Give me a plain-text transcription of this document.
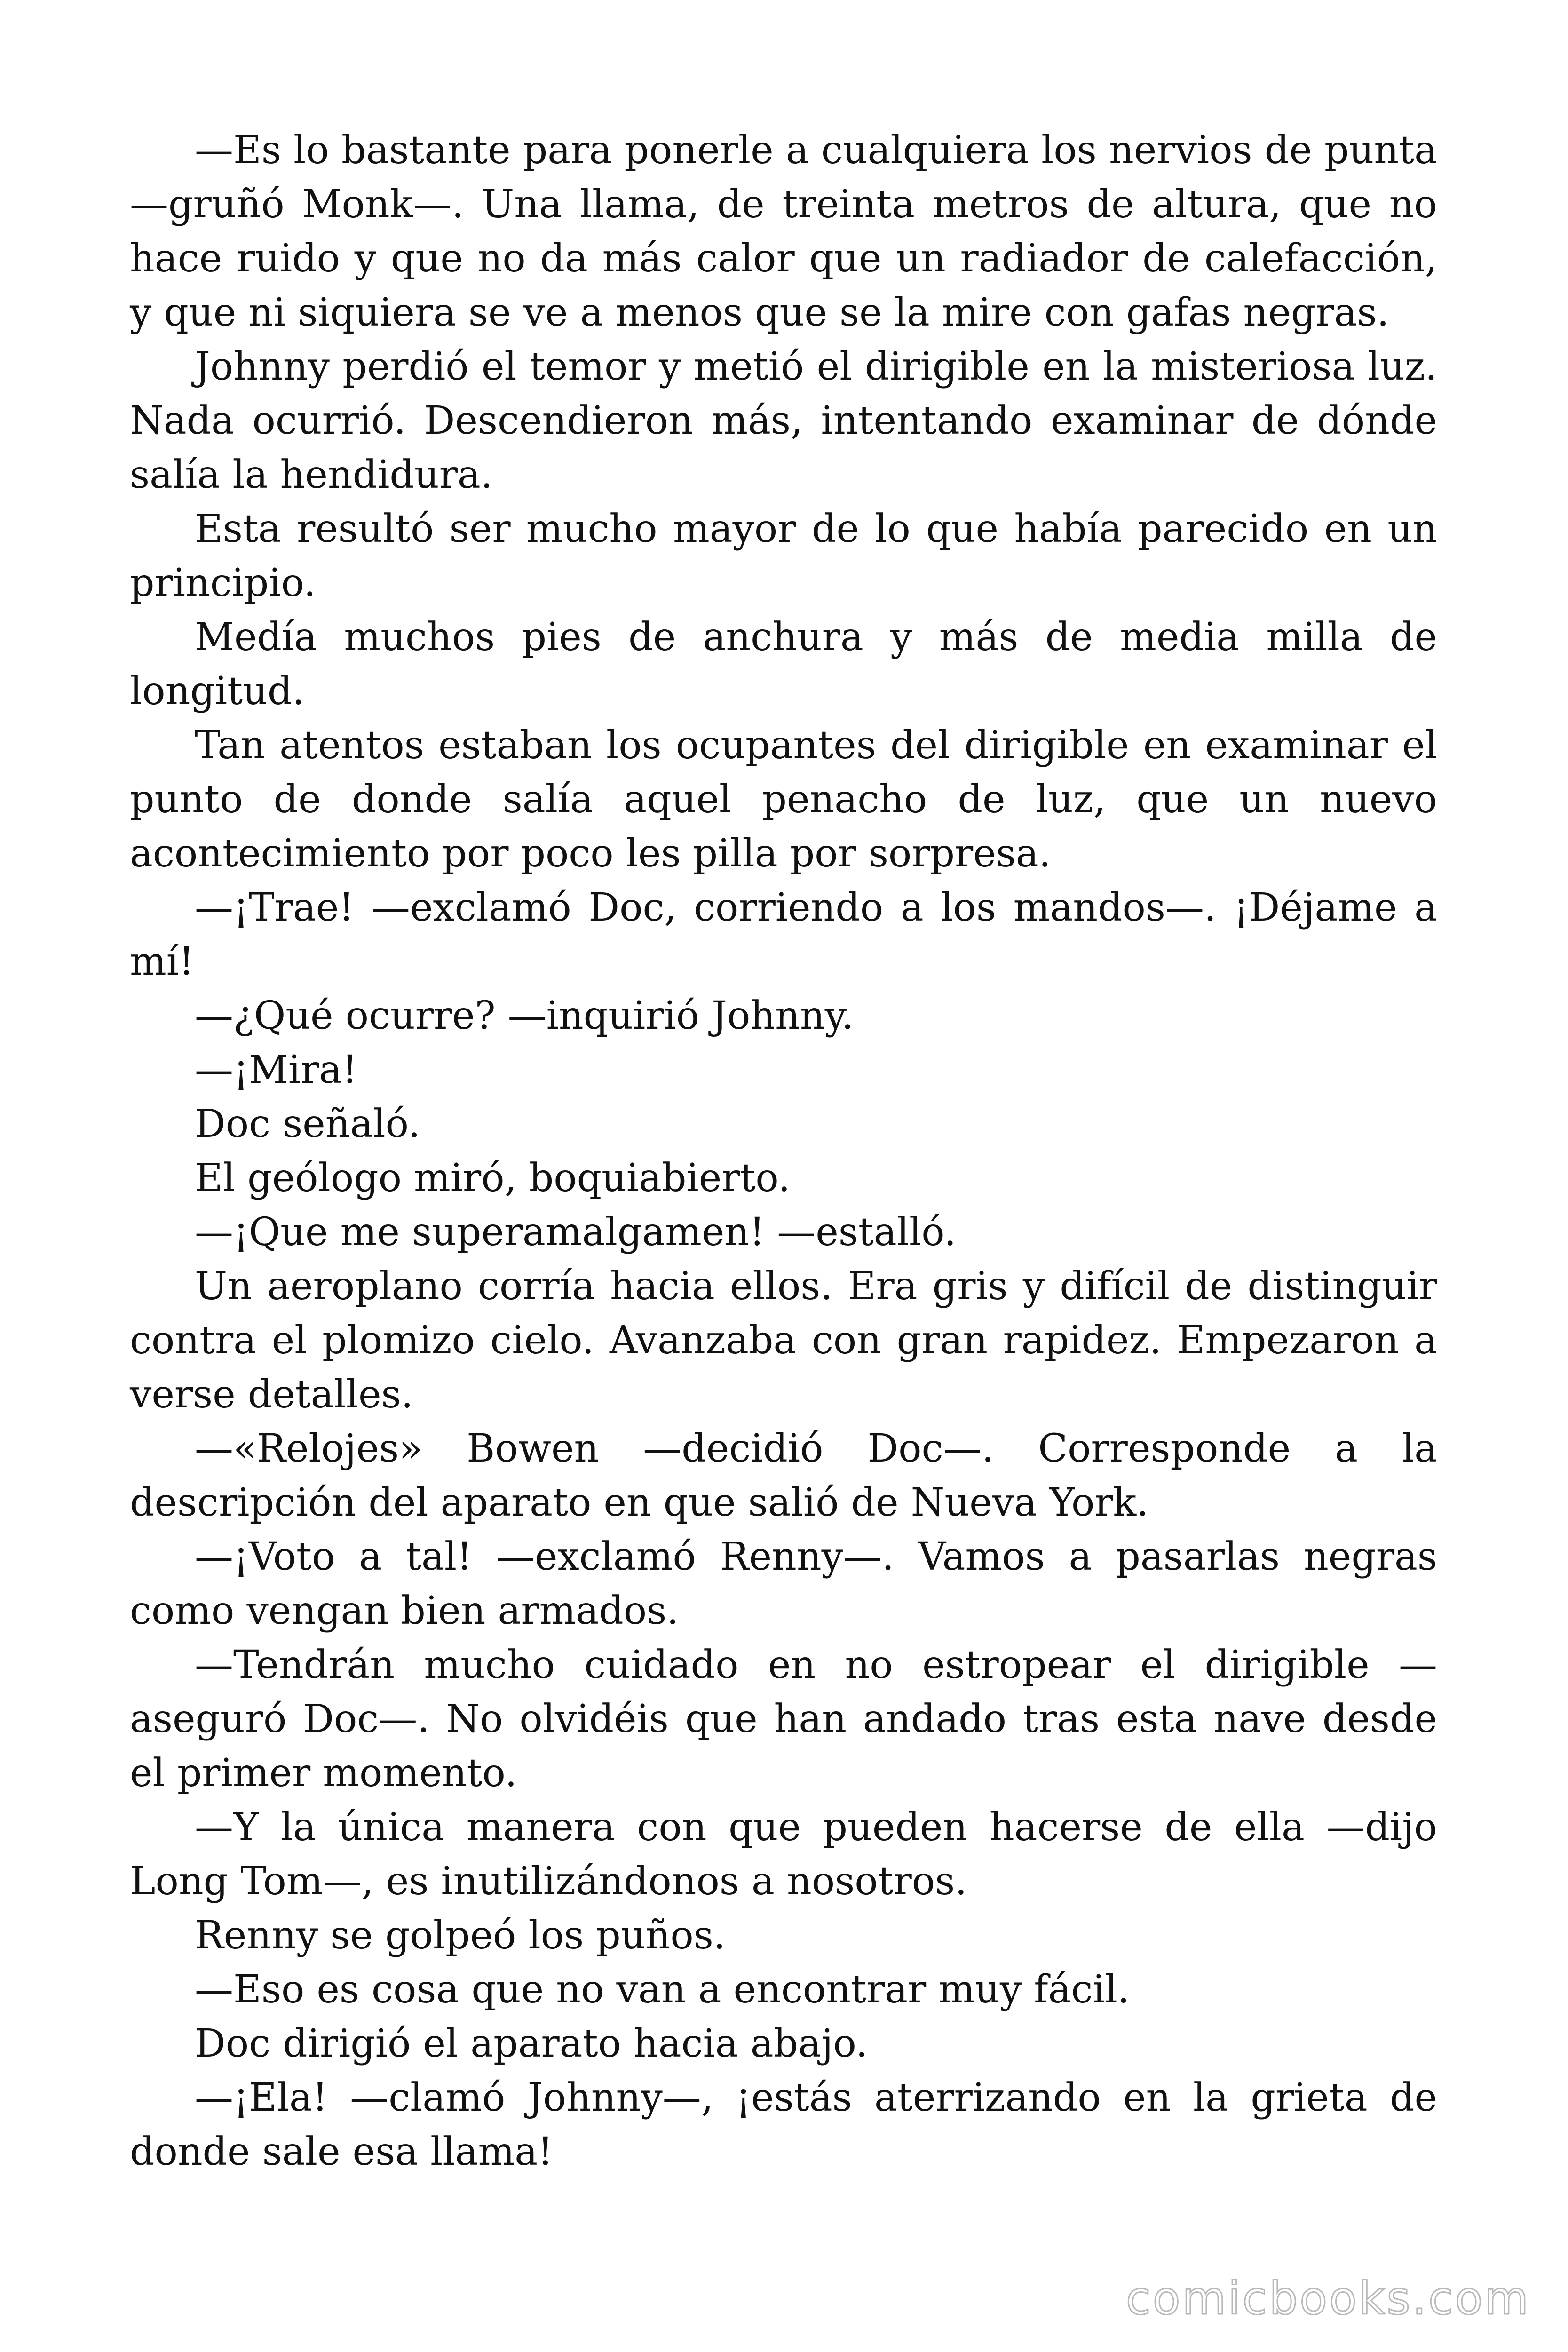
—Es lo bastante para ponerle a cualquiera los nervios de punta —gruñó Monk—. Una llama, de treinta metros de altura, que no hace ruido y que no da más calor que un radiador de calefacción, y que ni siquiera se ve a menos que se la mire con gafas negras.

Johnny perdió el temor y metió el dirigible en la misteriosa luz. Nada ocurrió. Descendieron más, intentando examinar de dónde salía la hendidura.

Esta resultó ser mucho mayor de lo que había parecido en un principio.

Medía muchos pies de anchura y más de media milla de longitud.

Tan atentos estaban los ocupantes del dirigible en examinar el punto de donde salía aquel penacho de luz, que un nuevo acontecimiento por poco les pilla por sorpresa.

—¡Trae! —exclamó Doc, corriendo a los mandos—. ¡Déjame a mí!

—¿Qué ocurre? —inquirió Johnny.

—¡Mira!

Doc señaló.

El geólogo miró, boquiabierto.

—¡Que me superamalgamen! —estalló.

Un aeroplano corría hacia ellos. Era gris y difícil de distinguir contra el plomizo cielo. Avanzaba con gran rapidez. Empezaron a verse detalles.

—«Relojes» Bowen —decidió Doc—. Corresponde a la descripción del aparato en que salió de Nueva York.

—¡Voto a tal! —exclamó Renny—. Vamos a pasarlas negras como vengan bien armados.

—Tendrán mucho cuidado en no estropear el dirigible —aseguró Doc—. No olvidéis que han andado tras esta nave desde el primer momento.

—Y la única manera con que pueden hacerse de ella —dijo Long Tom—, es inutilizándonos a nosotros.

Renny se golpeó los puños.

—Eso es cosa que no van a encontrar muy fácil.

Doc dirigió el aparato hacia abajo.

—¡Ela! —clamó Johnny—, ¡estás aterrizando en la grieta de donde sale esa llama!

comicbooks.com
